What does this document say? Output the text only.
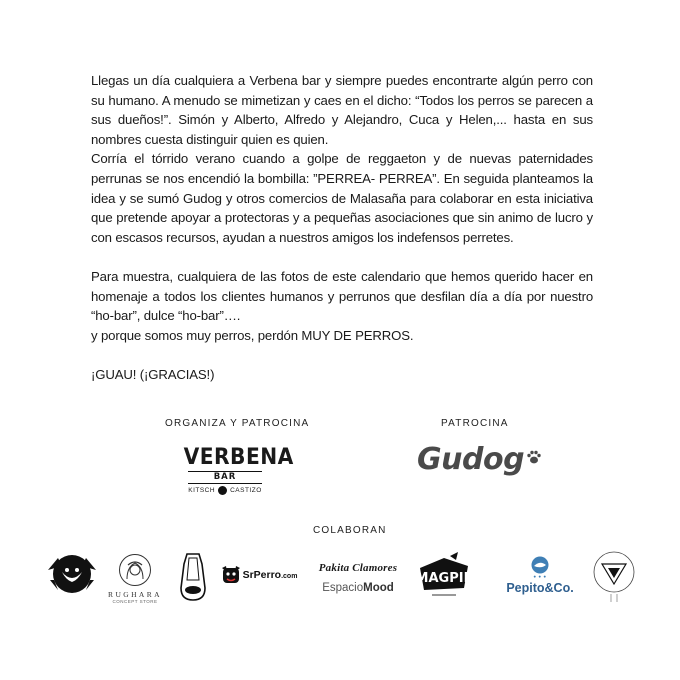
Llegas un día cualquiera a Verbena bar y siempre puedes encontrarte algún perro con su humano. A menudo se mimetizan y caes en el dicho: “Todos los perros se parecen a sus dueños!”. Simón y Alberto, Alfredo y Alejandro, Cuca y Helen,... hasta en sus nombres cuesta distinguir quien es quien.

Corría el tórrido verano cuando a golpe de reggaeton y de nuevas paternidades perrunas se nos encendió la bombilla: ”PERREA- PERREA”. En seguida planteamos la idea y se sumó Gudog y otros comercios de Malasaña para colaborar en esta iniciativa que pretende apoyar a protectoras y a pequeñas asociaciones que sin animo de lucro y con escasos recursos, ayudan a nuestros amigos los indefensos perretes.

Para muestra, cualquiera de las fotos de este calendario que hemos querido hacer en homenaje a todos los clientes humanos y perrunos que desfilan día a día por nuestro “ho-bar”, dulce “ho-bar”….

y porque somos muy perros, perdón MUY DE PERROS.

¡GUAU! (¡GRACIAS!)

ORGANIZA Y PATROCINA	PATROCINA
COLABORAN
VERBENA
BAR
KITSCH CASTIZO
Gudog
RUGHARA
CONCEPT STORE
SrPerro.com
Pakita Clamores
EspacioMood
MAGPIE	● ● ●
Pepito&Co.
